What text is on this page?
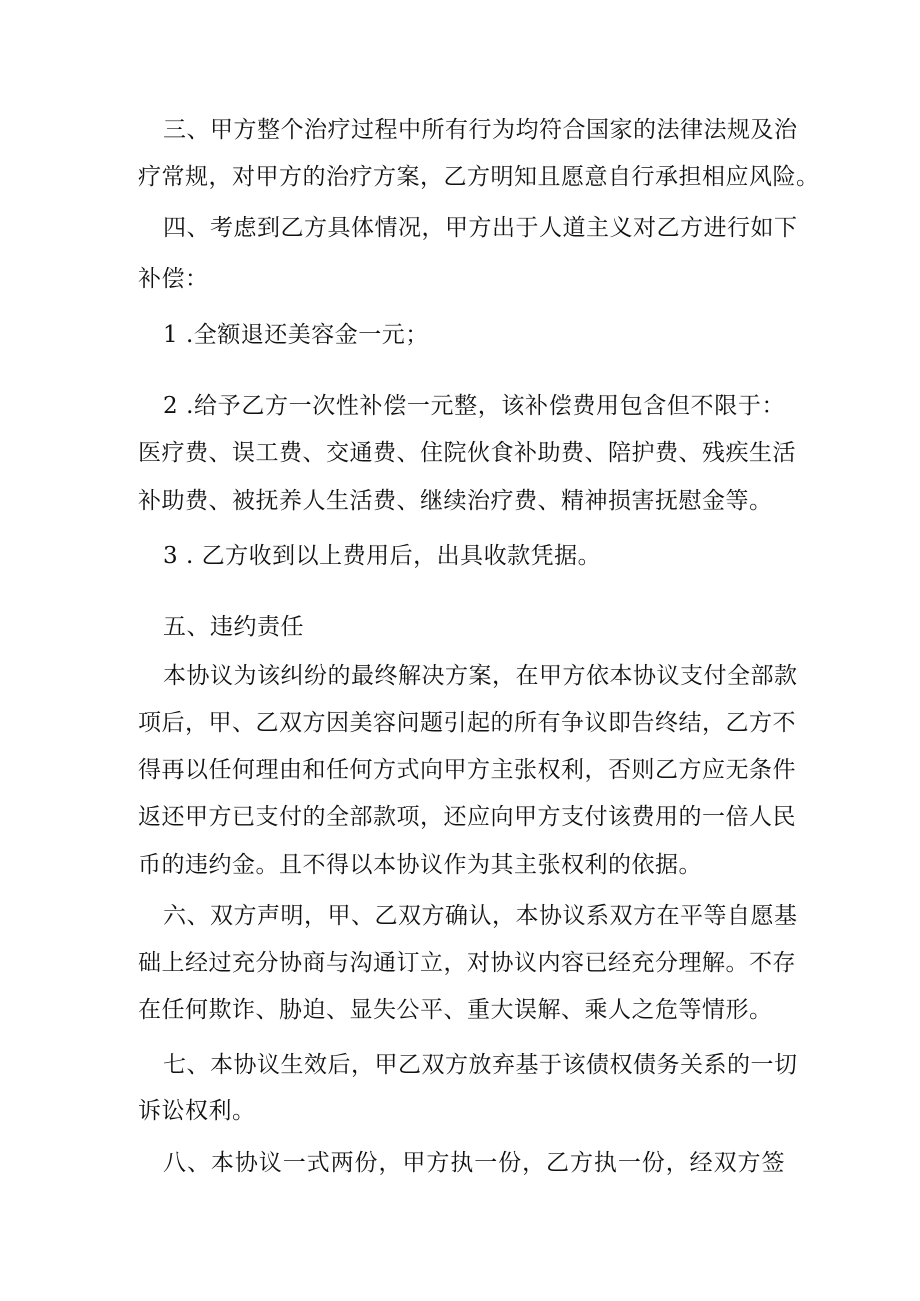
三、甲方整个治疗过程中所有行为均符合国家的法律法规及治
疗常规，对甲方的治疗方案，乙方明知且愿意自行承担相应风险。
四、考虑到乙方具体情况，甲方出于人道主义对乙方进行如下
补偿：
1 .全额退还美容金一元；
2 .给予乙方一次性补偿一元整，该补偿费用包含但不限于：
医疗费、误工费、交通费、住院伙食补助费、陪护费、残疾生活
补助费、被抚养人生活费、继续治疗费、精神损害抚慰金等。
3 . 乙方收到以上费用后，出具收款凭据。
五、违约责任
本协议为该纠纷的最终解决方案，在甲方依本协议支付全部款
项后，甲、乙双方因美容问题引起的所有争议即告终结，乙方不
得再以任何理由和任何方式向甲方主张权利，否则乙方应无条件
返还甲方已支付的全部款项，还应向甲方支付该费用的一倍人民
币的违约金。且不得以本协议作为其主张权利的依据。
六、双方声明，甲、乙双方确认，本协议系双方在平等自愿基
础上经过充分协商与沟通订立，对协议内容已经充分理解。不存
在任何欺诈、胁迫、显失公平、重大误解、乘人之危等情形。
七、本协议生效后，甲乙双方放弃基于该债权债务关系的一切
诉讼权利。
八、本协议一式两份，甲方执一份，乙方执一份，经双方签
